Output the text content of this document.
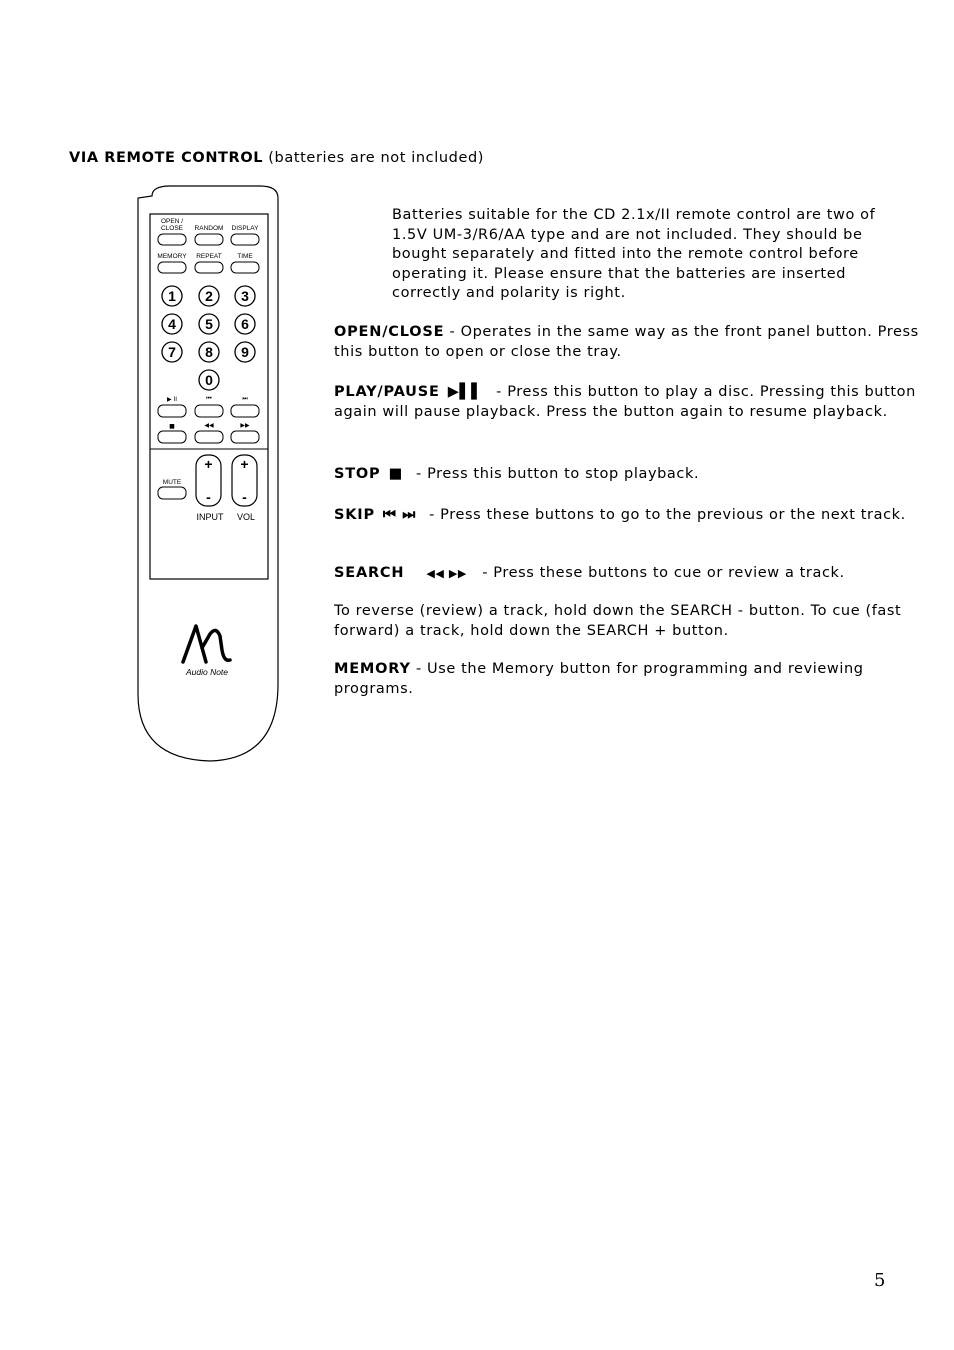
VIA REMOTE CONTROL (batteries are not included)
OPEN /
CLOSE RANDOM DISPLAY
MEMORY REPEAT TIME
1 2 3
4 5 6
7 8 9
0
▶ II	⏮	⏭
■	◀◀	▶▶
MUTE
+
-
+
-
INPUT VOL
Audio Note
Batteries suitable for the CD 2.1x/II remote control are two of 1.5V UM-3/R6/AA type and are not included. They should be bought separately and fitted into the remote control before operating it. Please ensure that the batteries are inserted correctly and polarity is right.
OPEN/CLOSE - Operates in the same way as the front panel button. Press this button to open or close the tray.
PLAY/PAUSE ▶▌▌ - Press this button to play a disc. Pressing this button again will pause playback. Press the button again to resume playback.
STOP ■ - Press this button to stop playback.
SKIP ⏮ ⏭ - Press these buttons to go to the previous or the next track.
SEARCH ◀◀ ▶▶ - Press these buttons to cue or review a track.
To reverse (review) a track, hold down the SEARCH - button. To cue (fast forward) a track, hold down the SEARCH + button.
MEMORY - Use the Memory button for programming and reviewing programs.
5
